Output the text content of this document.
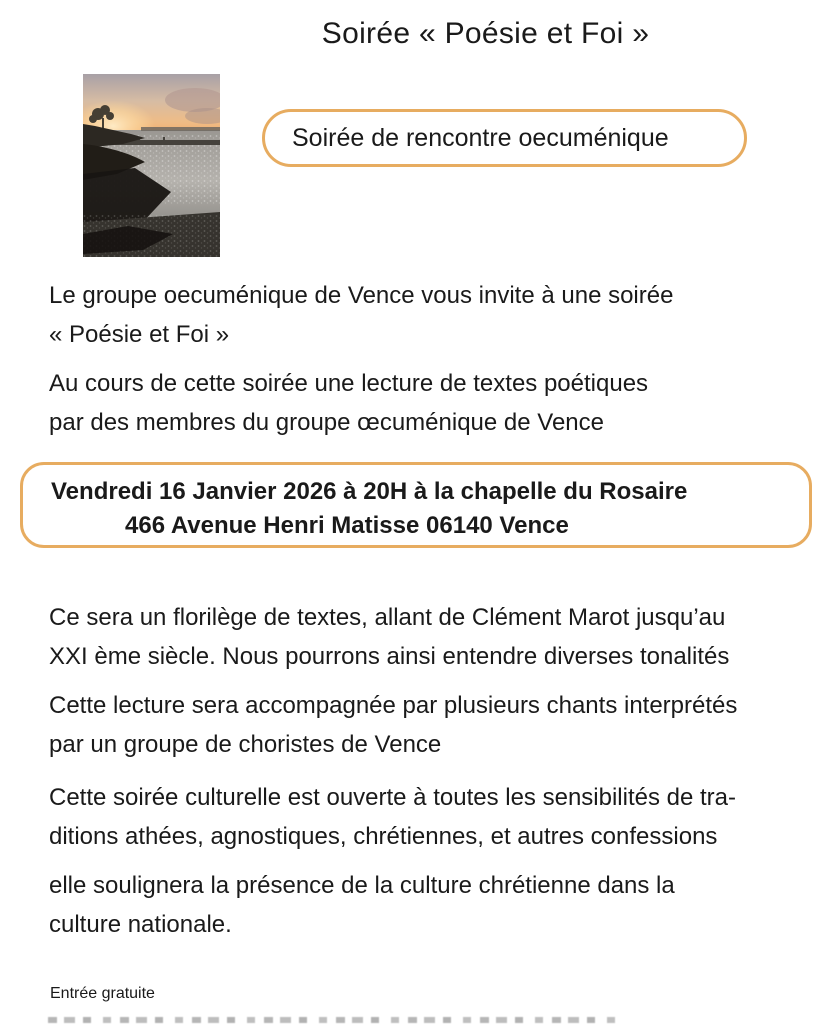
Soirée « Poésie et Foi »
Soirée de rencontre oecuménique
Le groupe oecuménique de Vence vous invite à une soirée
« Poésie et Foi »
Au cours de cette soirée une lecture de textes poétiques
par des membres du groupe œcuménique de Vence
Vendredi 16 Janvier 2026 à 20H à la chapelle du Rosaire
466 Avenue Henri Matisse 06140 Vence
Ce sera un florilège de textes, allant de Clément Marot jusqu’au
XXI ème siècle. Nous pourrons ainsi entendre diverses tonalités
Cette lecture sera accompagnée par plusieurs chants interprétés
par un groupe de choristes de Vence
Cette soirée culturelle est ouverte à toutes les sensibilités de tra-
ditions athées, agnostiques, chrétiennes, et autres confessions
elle soulignera la présence de la culture chrétienne dans la
culture nationale.
Entrée gratuite
